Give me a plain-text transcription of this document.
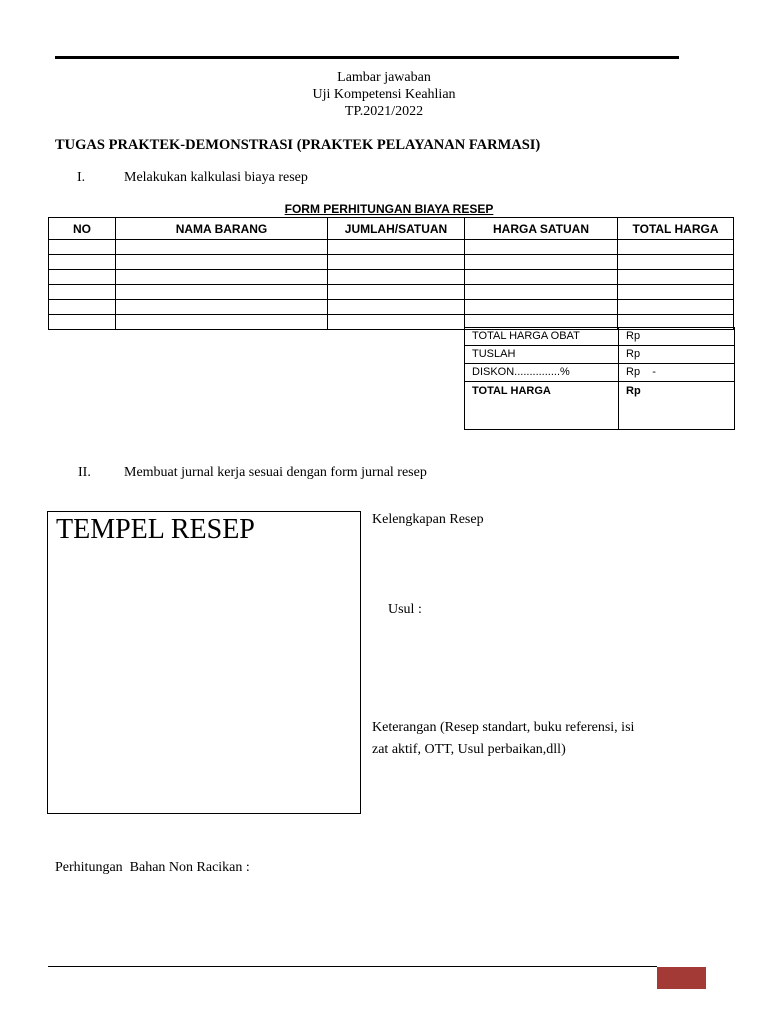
Lambar jawaban
Uji Kompetensi Keahlian
TP.2021/2022
TUGAS PRAKTEK-DEMONSTRASI (PRAKTEK PELAYANAN FARMASI)
I.	Melakukan kalkulasi biaya resep
FORM PERHITUNGAN BIAYA RESEP
NO	NAMA BARANG	JUMLAH/SATUAN	HARGA SATUAN	TOTAL HARGA

TOTAL HARGA OBAT	Rp
TUSLAH	Rp
DISKON...............%	Rp    -
TOTAL HARGA	Rp
II. Membuat jurnal kerja sesuai dengan form jurnal resep
TEMPEL RESEP	Kelengkapan Resep
Usul :
Keterangan (Resep standart, buku referensi, isi
zat aktif, OTT, Usul perbaikan,dll)
Perhitungan  Bahan Non Racikan :
